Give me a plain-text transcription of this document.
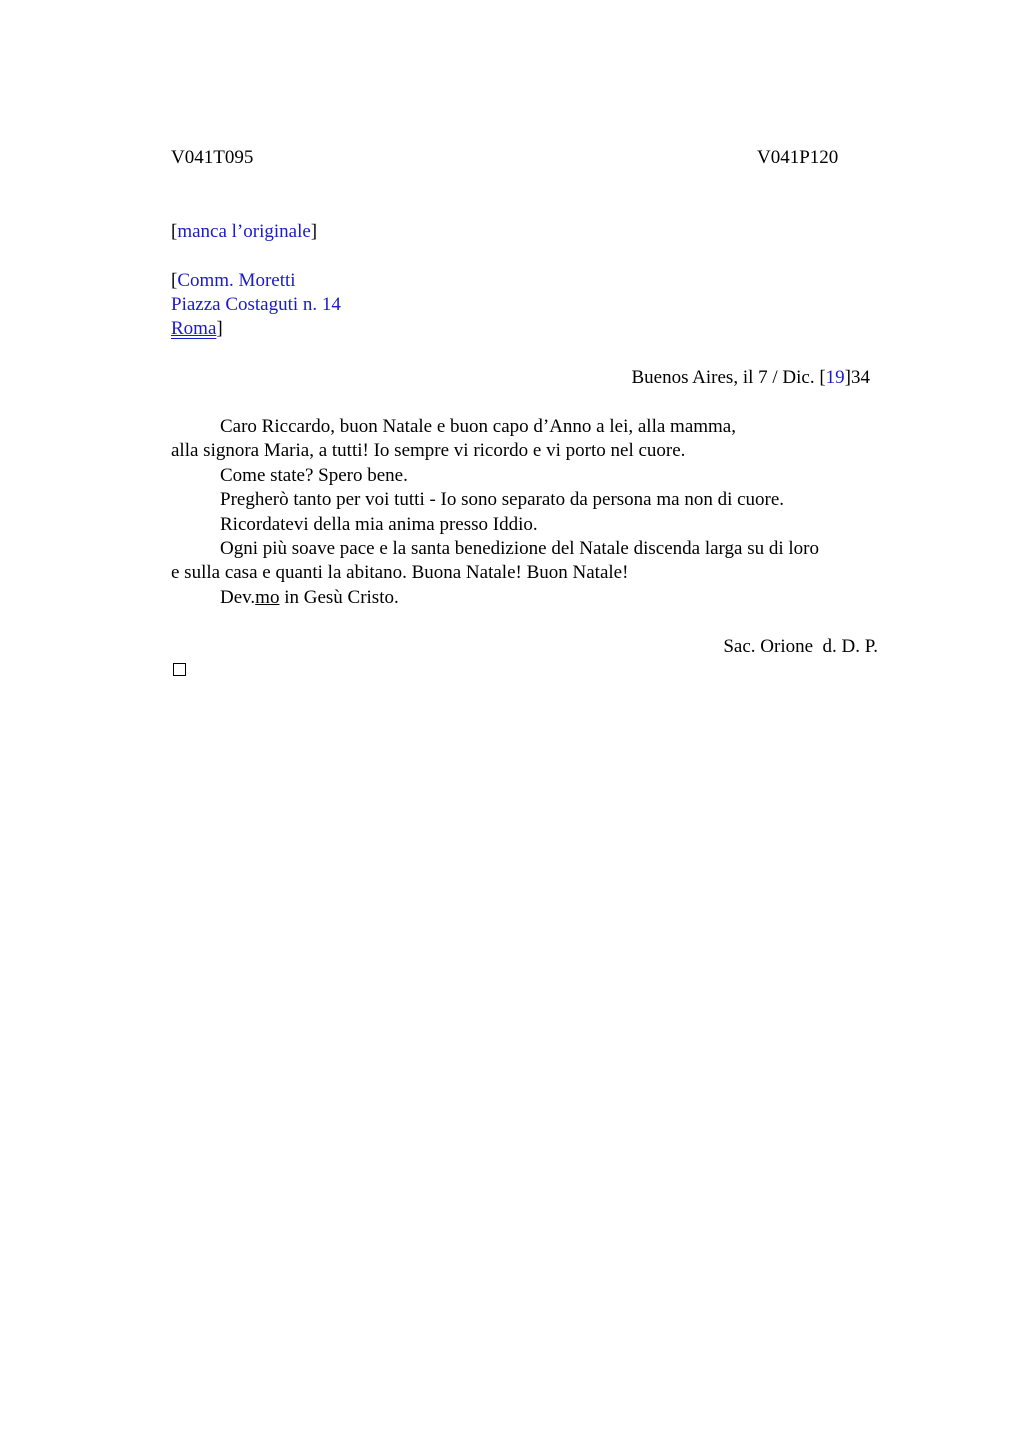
V041T095	V041P120
[manca l’originale]
[Comm. Moretti
Piazza Costaguti n. 14
Roma]
Buenos Aires, il 7 / Dic. [19]34

Caro Riccardo, buon Natale e buon capo d’Anno a lei, alla mamma,

alla signora Maria, a tutti! Io sempre vi ricordo e vi porto nel cuore.

Come state? Spero bene.

Pregherò tanto per voi tutti - Io sono separato da persona ma non di cuore.

Ricordatevi della mia anima presso Iddio.

Ogni più soave pace e la santa benedizione del Natale discenda larga su di loro

e sulla casa e quanti la abitano. Buona Natale! Buon Natale!

Dev.mo in Gesù Cristo.

Sac. Orione  d. D. P.
